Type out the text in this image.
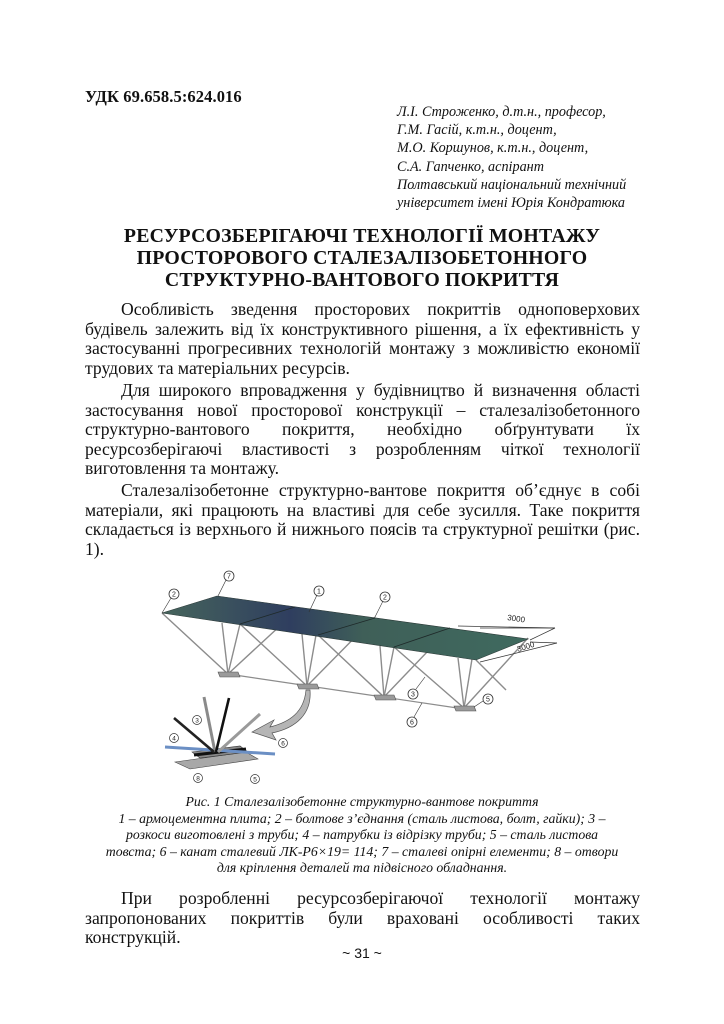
УДК 69.658.5:624.016
Л.І. Строженко, д.т.н., професор,
Г.М. Гасій, к.т.н., доцент,
М.О. Коршунов, к.т.н., доцент,
С.А. Гапченко, аспірант
Полтавський національний технічний
університет імені Юрія Кондратюка
РЕСУРСОЗБЕРІГАЮЧІ ТЕХНОЛОГІЇ МОНТАЖУ
ПРОСТОРОВОГО СТАЛЕЗАЛІЗОБЕТОННОГО
СТРУКТУРНО-ВАНТОВОГО ПОКРИТТЯ

Особливість зведення просторових покриттів одноповерхових будівель залежить від їх конструктивного рішення, а їх ефективність у застосуванні прогресивних технологій монтажу з можливістю економії трудових та матеріальних ресурсів.

Для широкого впровадження у будівництво й визначення області застосування нової просторової конструкції – сталезалізобетонного структурно-вантового покриття, необхідно обґрунтувати їх ресурсозберігаючі властивості з розробленням чіткої технології виготовлення та монтажу.

Сталезалізобетонне структурно-вантове покриття об’єднує в собі матеріали, які працюють на властиві для себе зусилля. Таке покриття складається із верхнього й нижнього поясів та структурної решітки (рис. 1).

3000
3000
2
7
1
2
3
5
6
3
4
6
8	5
Рис. 1 Сталезалізобетонне структурно-вантове покриття
1 – армоцементна плита; 2 – болтове з’єднання (сталь листова, болт, гайки); 3 –
розкоси виготовлені з труби; 4 – патрубки із відрізку труби; 5 – сталь листова
товста; 6 – канат сталевий ЛК-Р6×19= 114; 7 – сталеві опірні елементи; 8 – отвори
для кріплення деталей та підвісного обладнання.

При розробленні ресурсозберігаючої технології монтажу запропонованих покриттів були враховані особливості таких конструкцій.

~ 31 ~
